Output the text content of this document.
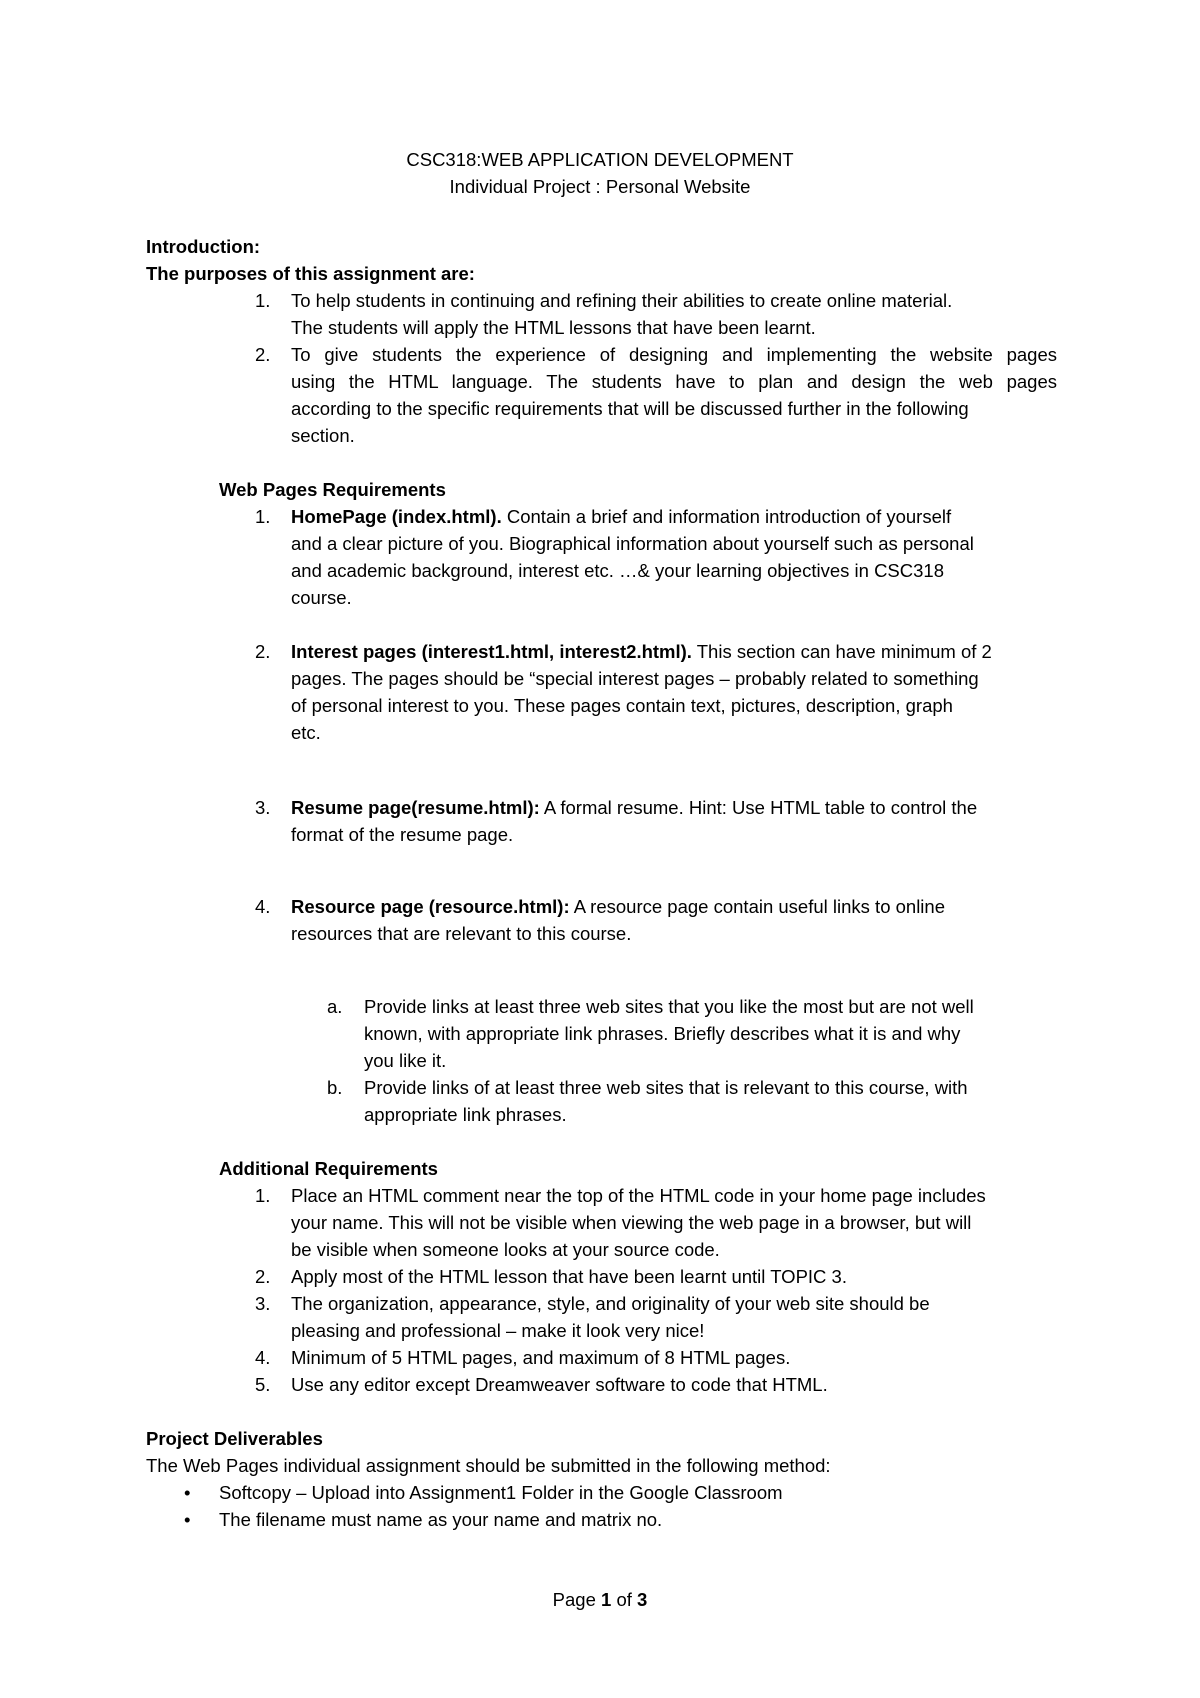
CSC318:WEB APPLICATION DEVELOPMENT
Individual Project : Personal Website
Introduction:
The purposes of this assignment are:
1. To help students in continuing and refining their abilities to create online material.
The students will apply the HTML lessons that have been learnt.
2. To give students the experience of designing and implementing the website pages
using the HTML language. The students have to plan and design the web pages
according to the specific requirements that will be discussed further in the following
section.
Web Pages Requirements
1. HomePage (index.html). Contain a brief and information introduction of yourself
and a clear picture of you. Biographical information about yourself such as personal
and academic background, interest etc. …& your learning objectives in CSC318
course.
2. Interest pages (interest1.html, interest2.html). This section can have minimum of 2
pages. The pages should be “special interest pages – probably related to something
of personal interest to you. These pages contain text, pictures, description, graph
etc.
3. Resume page(resume.html): A formal resume. Hint: Use HTML table to control the
format of the resume page.
4. Resource page (resource.html): A resource page contain useful links to online
resources that are relevant to this course.
a. Provide links at least three web sites that you like the most but are not well
known, with appropriate link phrases. Briefly describes what it is and why
you like it.
b. Provide links of at least three web sites that is relevant to this course, with
appropriate link phrases.
Additional Requirements
1. Place an HTML comment near the top of the HTML code in your home page includes
your name. This will not be visible when viewing the web page in a browser, but will
be visible when someone looks at your source code.
2. Apply most of the HTML lesson that have been learnt until TOPIC 3.
3. The organization, appearance, style, and originality of your web site should be
pleasing and professional – make it look very nice!
4. Minimum of 5 HTML pages, and maximum of 8 HTML pages.
5. Use any editor except Dreamweaver software to code that HTML.
Project Deliverables
The Web Pages individual assignment should be submitted in the following method:
• Softcopy – Upload into Assignment1 Folder in the Google Classroom
• The filename must name as your name and matrix no.
Page 1 of 3
